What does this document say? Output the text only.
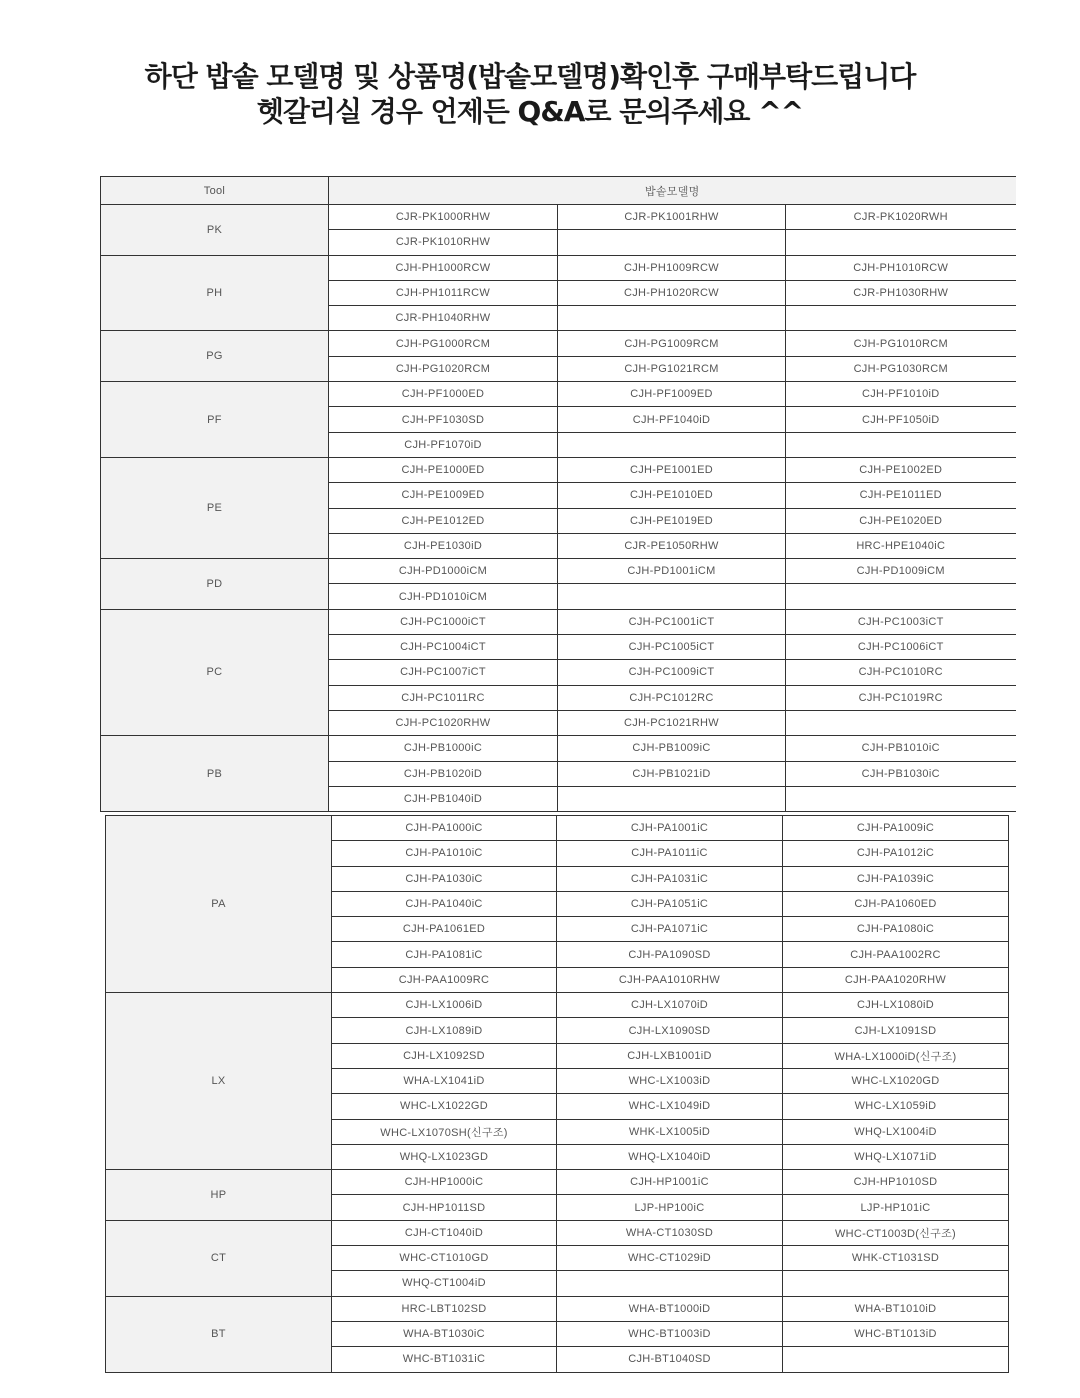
하단 밥솥 모델명 및 상품명(밥솥모델명)확인후 구매부탁드립니다
헷갈리실 경우 언제든 Q&A로 문의주세요 ^^
Tool	밥솥모델명		
PK	CJR-PK1000RHW	CJR-PK1001RHW	CJR-PK1020RWH
	CJR-PK1010RHW		
PH	CJH-PH1000RCW	CJH-PH1009RCW	CJH-PH1010RCW
	CJH-PH1011RCW	CJH-PH1020RCW	CJR-PH1030RHW
	CJR-PH1040RHW		
PG	CJH-PG1000RCM	CJH-PG1009RCM	CJH-PG1010RCM
	CJH-PG1020RCM	CJH-PG1021RCM	CJH-PG1030RCM
PF	CJH-PF1000ED	CJH-PF1009ED	CJH-PF1010iD
	CJH-PF1030SD	CJH-PF1040iD	CJH-PF1050iD
	CJH-PF1070iD		
PE	CJH-PE1000ED	CJH-PE1001ED	CJH-PE1002ED
	CJH-PE1009ED	CJH-PE1010ED	CJH-PE1011ED
	CJH-PE1012ED	CJH-PE1019ED	CJH-PE1020ED
	CJH-PE1030iD	CJR-PE1050RHW	HRC-HPE1040iC
PD	CJH-PD1000iCM	CJH-PD1001iCM	CJH-PD1009iCM
	CJH-PD1010iCM		
PC	CJH-PC1000iCT	CJH-PC1001iCT	CJH-PC1003iCT
	CJH-PC1004iCT	CJH-PC1005iCT	CJH-PC1006iCT
	CJH-PC1007iCT	CJH-PC1009iCT	CJH-PC1010RC
	CJH-PC1011RC	CJH-PC1012RC	CJH-PC1019RC
	CJH-PC1020RHW	CJH-PC1021RHW	
PB	CJH-PB1000iC	CJH-PB1009iC	CJH-PB1010iC
	CJH-PB1020iD	CJH-PB1021iD	CJH-PB1030iC
	CJH-PB1040iD		
PA	CJH-PA1000iC	CJH-PA1001iC	CJH-PA1009iC
	CJH-PA1010iC	CJH-PA1011iC	CJH-PA1012iC
	CJH-PA1030iC	CJH-PA1031iC	CJH-PA1039iC
	CJH-PA1040iC	CJH-PA1051iC	CJH-PA1060ED
	CJH-PA1061ED	CJH-PA1071iC	CJH-PA1080iC
	CJH-PA1081iC	CJH-PA1090SD	CJH-PAA1002RC
	CJH-PAA1009RC	CJH-PAA1010RHW	CJH-PAA1020RHW
LX	CJH-LX1006iD	CJH-LX1070iD	CJH-LX1080iD
	CJH-LX1089iD	CJH-LX1090SD	CJH-LX1091SD
	CJH-LX1092SD	CJH-LXB1001iD	WHA-LX1000iD(신구조)
	WHA-LX1041iD	WHC-LX1003iD	WHC-LX1020GD
	WHC-LX1022GD	WHC-LX1049iD	WHC-LX1059iD
	WHC-LX1070SH(신구조)	WHK-LX1005iD	WHQ-LX1004iD
	WHQ-LX1023GD	WHQ-LX1040iD	WHQ-LX1071iD
HP	CJH-HP1000iC	CJH-HP1001iC	CJH-HP1010SD
	CJH-HP1011SD	LJP-HP100iC	LJP-HP101iC
CT	CJH-CT1040iD	WHA-CT1030SD	WHC-CT1003D(신구조)
	WHC-CT1010GD	WHC-CT1029iD	WHK-CT1031SD
	WHQ-CT1004iD		
BT	HRC-LBT102SD	WHA-BT1000iD	WHA-BT1010iD
	WHA-BT1030iC	WHC-BT1003iD	WHC-BT1013iD
	WHC-BT1031iC	CJH-BT1040SD	
